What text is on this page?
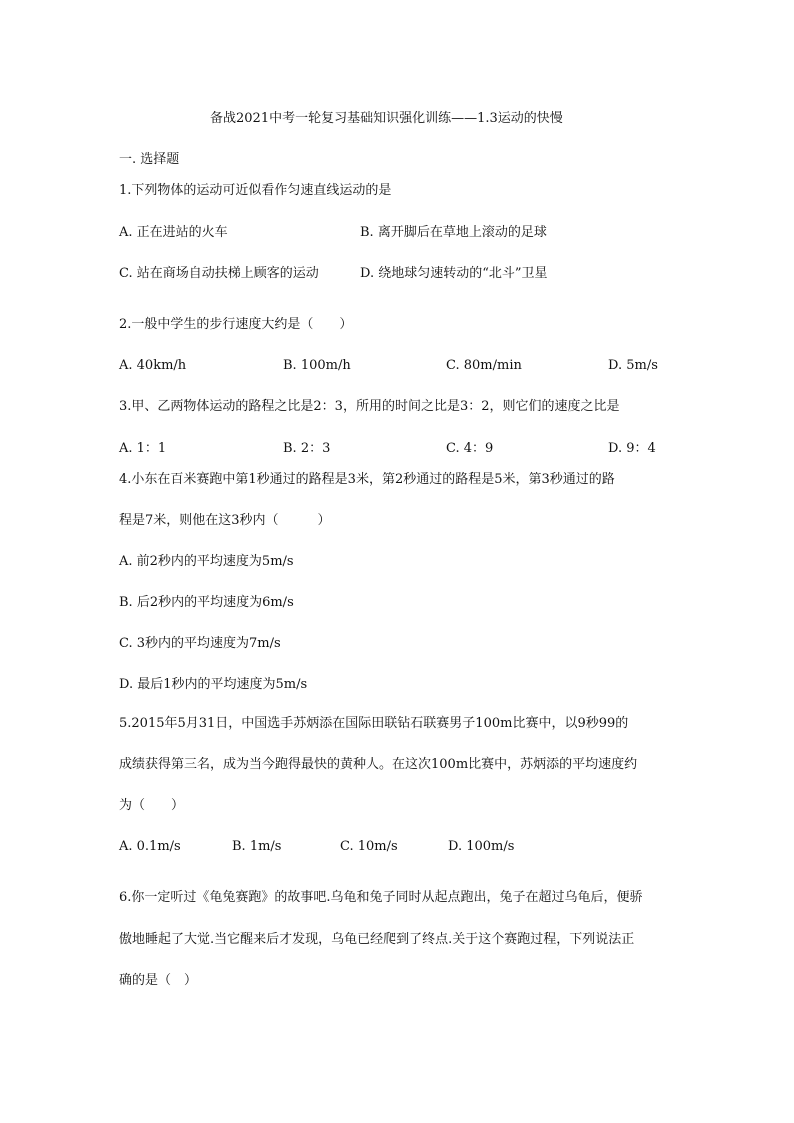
备战2021中考一轮复习基础知识强化训练——1.3运动的快慢
一. 选择题
1.下列物体的运动可近似看作匀速直线运动的是
A. 正在进站的火车	B. 离开脚后在草地上滚动的足球
C. 站在商场自动扶梯上顾客的运动	D. 绕地球匀速转动的“北斗”卫星
2.一般中学生的步行速度大约是（　　）
A. 40km/h	B. 100m/h	C. 80m/min	D. 5m/s
3.甲、乙两物体运动的路程之比是2：3，所用的时间之比是3：2，则它们的速度之比是
A. 1：1	B. 2：3	C. 4：9	D. 9：4
4.小东在百米赛跑中第1秒通过的路程是3米，第2秒通过的路程是5米，第3秒通过的路
程是7米，则他在这3秒内（　　　）
A. 前2秒内的平均速度为5m/s
B. 后2秒内的平均速度为6m/s
C. 3秒内的平均速度为7m/s
D. 最后1秒内的平均速度为5m/s
5.2015年5月31日，中国选手苏炳添在国际田联钻石联赛男子100m比赛中，以9秒99的
成绩获得第三名，成为当今跑得最快的黄种人。在这次100m比赛中，苏炳添的平均速度约
为（　　）
A. 0.1m/s	B. 1m/s	C. 10m/s	D. 100m/s
6.你一定听过《龟兔赛跑》的故事吧.乌龟和兔子同时从起点跑出，兔子在超过乌龟后，便骄
傲地睡起了大觉.当它醒来后才发现，乌龟已经爬到了终点.关于这个赛跑过程，下列说法正
确的是（　）
